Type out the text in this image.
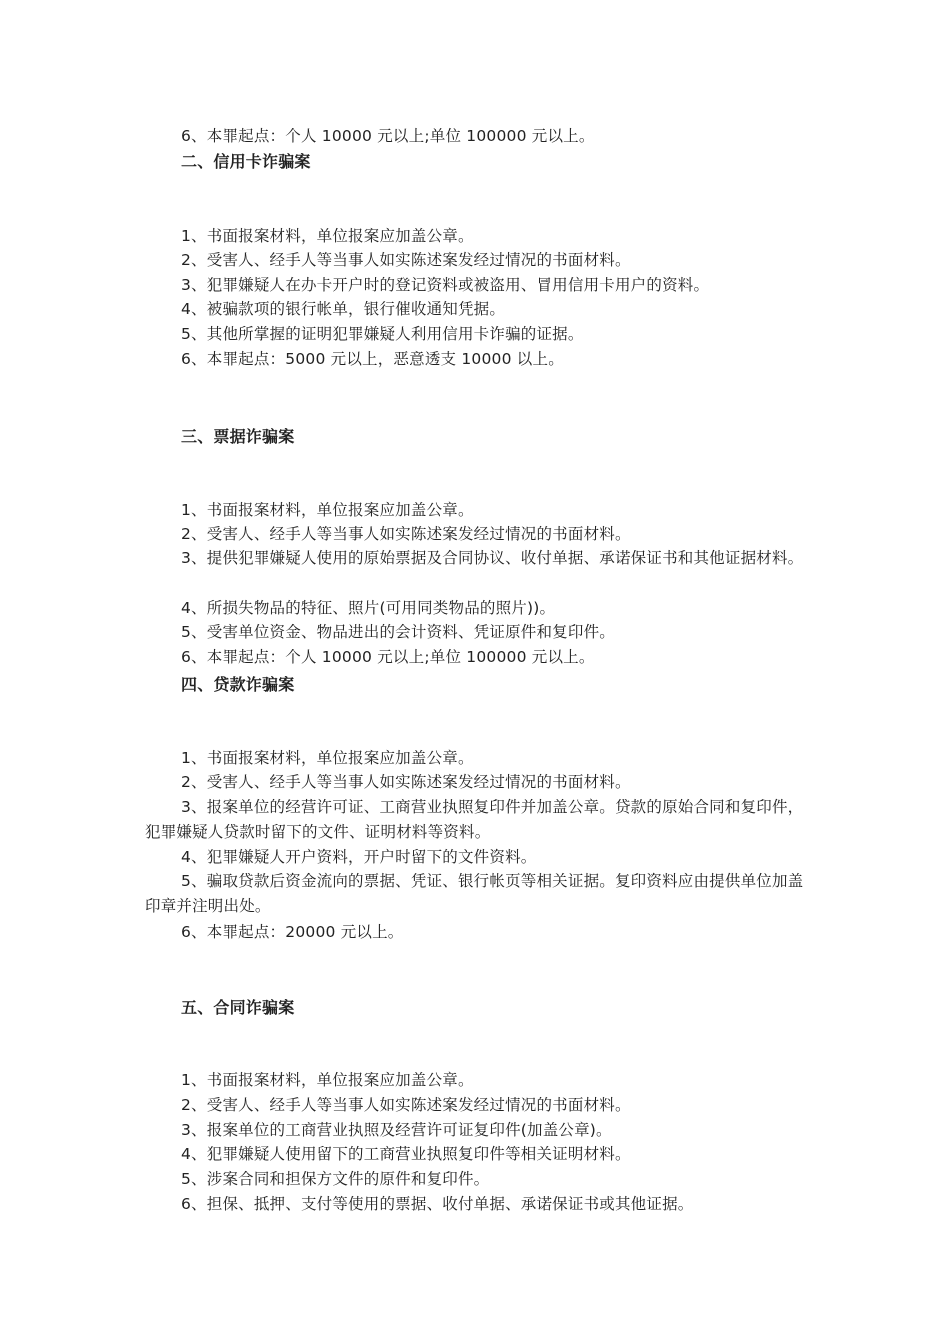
6、本罪起点：个人 10000 元以上;单位 100000 元以上。
二、信用卡诈骗案
1、书面报案材料，单位报案应加盖公章。
2、受害人、经手人等当事人如实陈述案发经过情况的书面材料。
3、犯罪嫌疑人在办卡开户时的登记资料或被盗用、冒用信用卡用户的资料。
4、被骗款项的银行帐单，银行催收通知凭据。
5、其他所掌握的证明犯罪嫌疑人利用信用卡诈骗的证据。
6、本罪起点：5000 元以上，恶意透支 10000 以上。
三、票据诈骗案
1、书面报案材料，单位报案应加盖公章。
2、受害人、经手人等当事人如实陈述案发经过情况的书面材料。
3、提供犯罪嫌疑人使用的原始票据及合同协议、收付单据、承诺保证书和其他证据材料。
4、所损失物品的特征、照片(可用同类物品的照片))。
5、受害单位资金、物品进出的会计资料、凭证原件和复印件。
6、本罪起点：个人 10000 元以上;单位 100000 元以上。
四、贷款诈骗案
1、书面报案材料，单位报案应加盖公章。
2、受害人、经手人等当事人如实陈述案发经过情况的书面材料。
3、报案单位的经营许可证、工商营业执照复印件并加盖公章。贷款的原始合同和复印件，犯罪嫌疑人贷款时留下的文件、证明材料等资料。
4、犯罪嫌疑人开户资料，开户时留下的文件资料。
5、骗取贷款后资金流向的票据、凭证、银行帐页等相关证据。复印资料应由提供单位加盖印章并注明出处。
6、本罪起点：20000 元以上。
五、合同诈骗案
1、书面报案材料，单位报案应加盖公章。
2、受害人、经手人等当事人如实陈述案发经过情况的书面材料。
3、报案单位的工商营业执照及经营许可证复印件(加盖公章)。
4、犯罪嫌疑人使用留下的工商营业执照复印件等相关证明材料。
5、涉案合同和担保方文件的原件和复印件。
6、担保、抵押、支付等使用的票据、收付单据、承诺保证书或其他证据。
